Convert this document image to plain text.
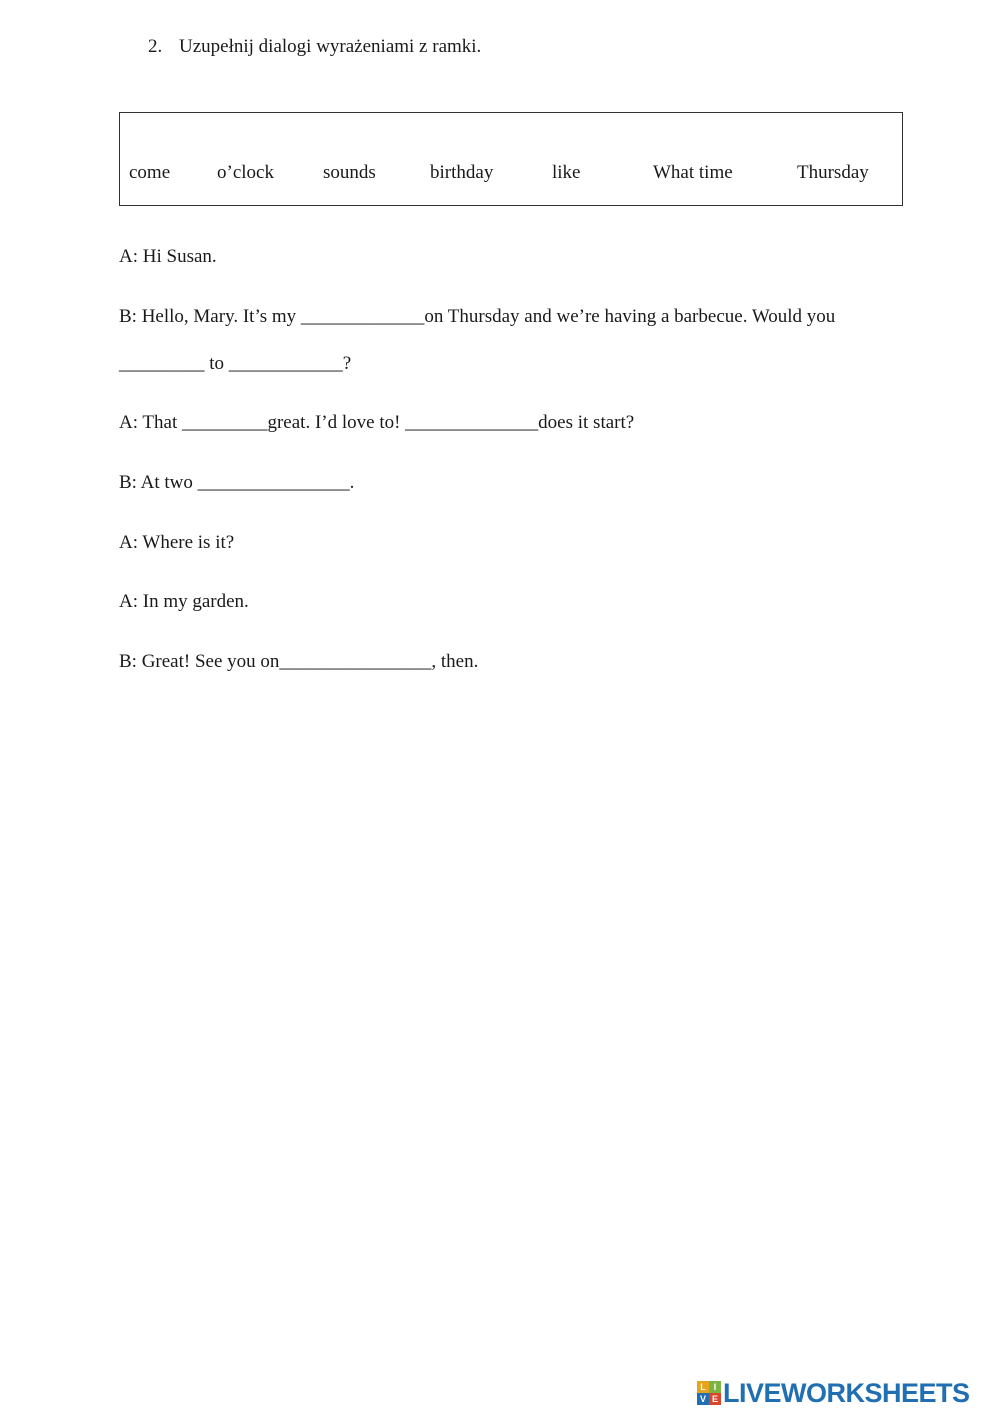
2. Uzupełnij dialogi wyrażeniami z ramki.
come o’clock	sounds	birthday	like	What time	Thursday
A: Hi Susan.
B: Hello, Mary. It’s my _____________on Thursday and we’re having a barbecue. Would you
_________ to ____________?
A: That _________great. I’d love to! ______________does it start?
B: At two ________________.
A: Where is it?
A: In my garden.
B: Great! See you on________________, then.
L I
V E LIVEWORKSHEETS
